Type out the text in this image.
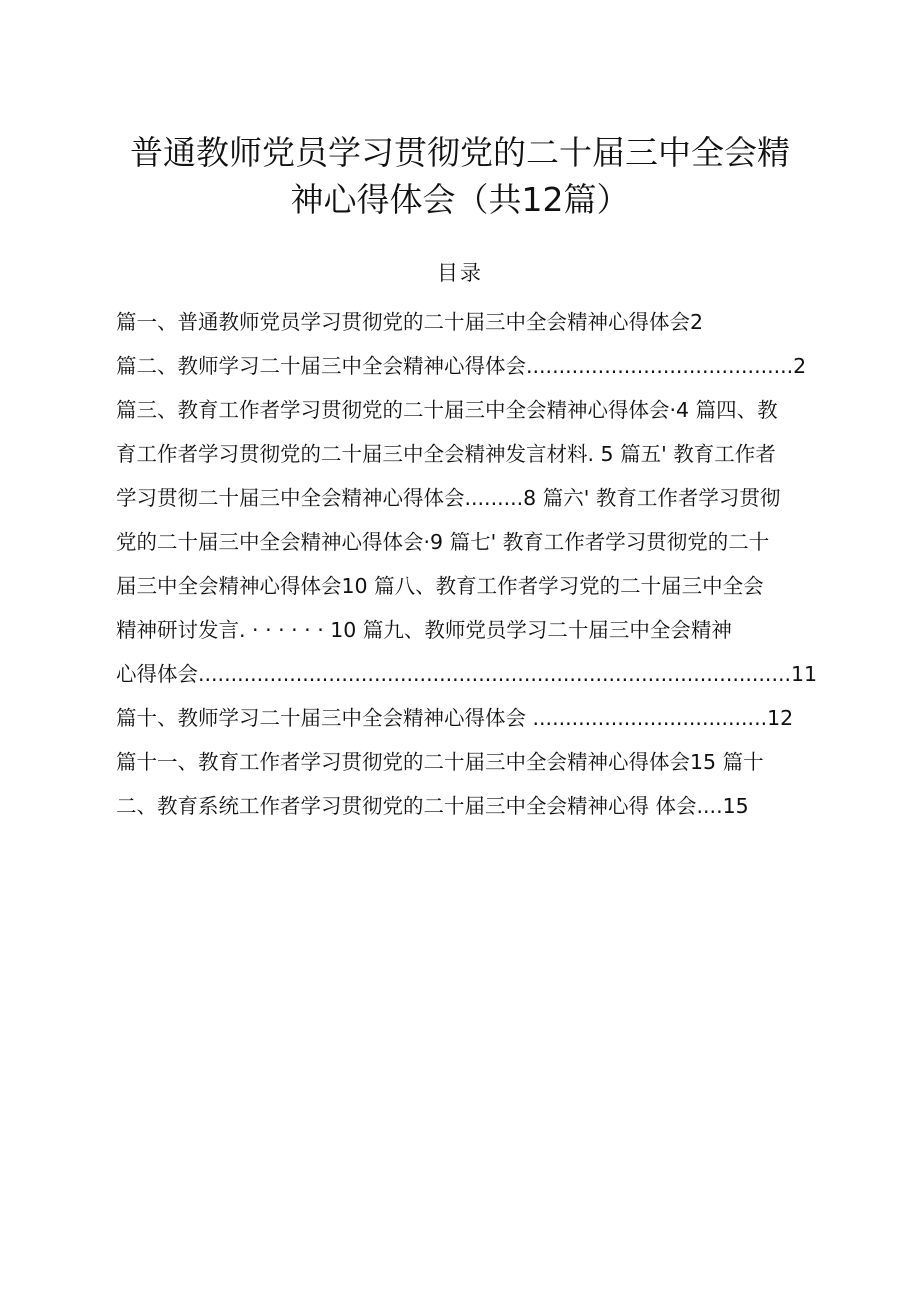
普通教师党员学习贯彻党的二十届三中全会精
神心得体会（共12篇）
目录
篇一、普通教师党员学习贯彻党的二十届三中全会精神心得体会2
篇二、教师学习二十届三中全会精神心得体会.........................................2
篇三、教育工作者学习贯彻党的二十届三中全会精神心得体会·4 篇四、教
育工作者学习贯彻党的二十届三中全会精神发言材料. 5 篇五' 教育工作者
学习贯彻二十届三中全会精神心得体会.........8 篇六' 教育工作者学习贯彻
党的二十届三中全会精神心得体会·9 篇七' 教育工作者学习贯彻党的二十
届三中全会精神心得体会10 篇八、教育工作者学习党的二十届三中全会
精神研讨发言. · · · · · · 10 篇九、教师党员学习二十届三中全会精神
心得体会...........................................................................................11
篇十、教师学习二十届三中全会精神心得体会 ....................................12
篇十一、教育工作者学习贯彻党的二十届三中全会精神心得体会15 篇十
二、教育系统工作者学习贯彻党的二十届三中全会精神心得 体会....15
